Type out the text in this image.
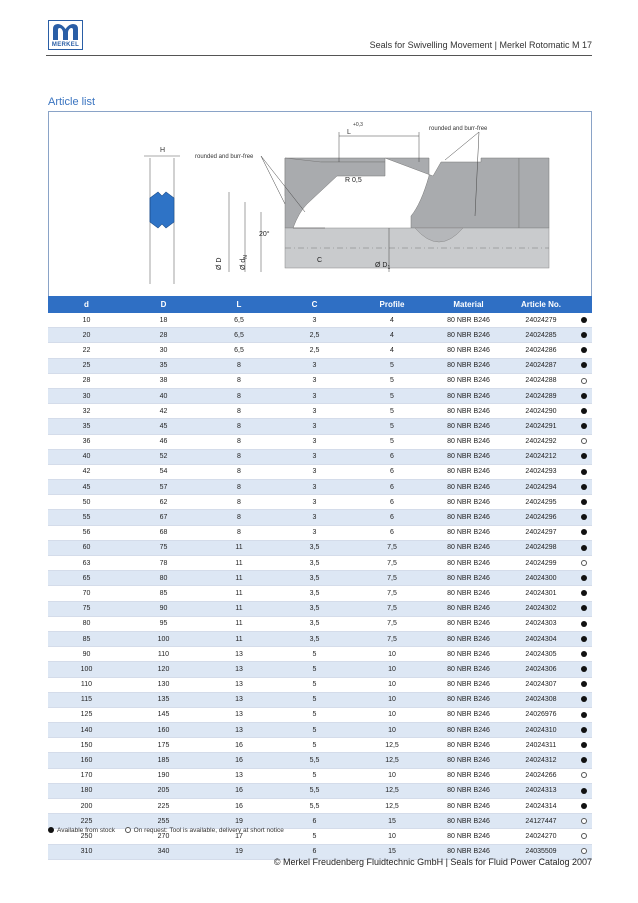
MERKEL	Seals for Swivelling Movement | Merkel Rotomatic M 17
Article list
H
L
+0,3
rounded and burr-free
rounded and burr-free
R 0,5
20°
C
Ø $D_1$
Ø D Ø $d_N$
d	D	L	C	Profile	Material	Article No.	
10	18	6,5	3	4	80 NBR B246	24024279	
20	28	6,5	2,5	4	80 NBR B246	24024285	
22	30	6,5	2,5	4	80 NBR B246	24024286	
25	35	8	3	5	80 NBR B246	24024287	
28	38	8	3	5	80 NBR B246	24024288	
30	40	8	3	5	80 NBR B246	24024289	
32	42	8	3	5	80 NBR B246	24024290	
35	45	8	3	5	80 NBR B246	24024291	
36	46	8	3	5	80 NBR B246	24024292	
40	52	8	3	6	80 NBR B246	24024212	
42	54	8	3	6	80 NBR B246	24024293	
45	57	8	3	6	80 NBR B246	24024294	
50	62	8	3	6	80 NBR B246	24024295	
55	67	8	3	6	80 NBR B246	24024296	
56	68	8	3	6	80 NBR B246	24024297	
60	75	11	3,5	7,5	80 NBR B246	24024298	
63	78	11	3,5	7,5	80 NBR B246	24024299	
65	80	11	3,5	7,5	80 NBR B246	24024300	
70	85	11	3,5	7,5	80 NBR B246	24024301	
75	90	11	3,5	7,5	80 NBR B246	24024302	
80	95	11	3,5	7,5	80 NBR B246	24024303	
85	100	11	3,5	7,5	80 NBR B246	24024304	
90	110	13	5	10	80 NBR B246	24024305	
100	120	13	5	10	80 NBR B246	24024306	
110	130	13	5	10	80 NBR B246	24024307	
115	135	13	5	10	80 NBR B246	24024308	
125	145	13	5	10	80 NBR B246	24026976	
140	160	13	5	10	80 NBR B246	24024310	
150	175	16	5	12,5	80 NBR B246	24024311	
160	185	16	5,5	12,5	80 NBR B246	24024312	
170	190	13	5	10	80 NBR B246	24024266	
180	205	16	5,5	12,5	80 NBR B246	24024313	
200	225	16	5,5	12,5	80 NBR B246	24024314	
225	255	19	6	15	80 NBR B246	24127447	
250	270	17	5	10	80 NBR B246	24024270	
310	340	19	6	15	80 NBR B246	24035509	
Available from stock	On request: Tool is available, delivery at short notice
© Merkel Freudenberg Fluidtechnic GmbH | Seals for Fluid Power Catalog 2007
